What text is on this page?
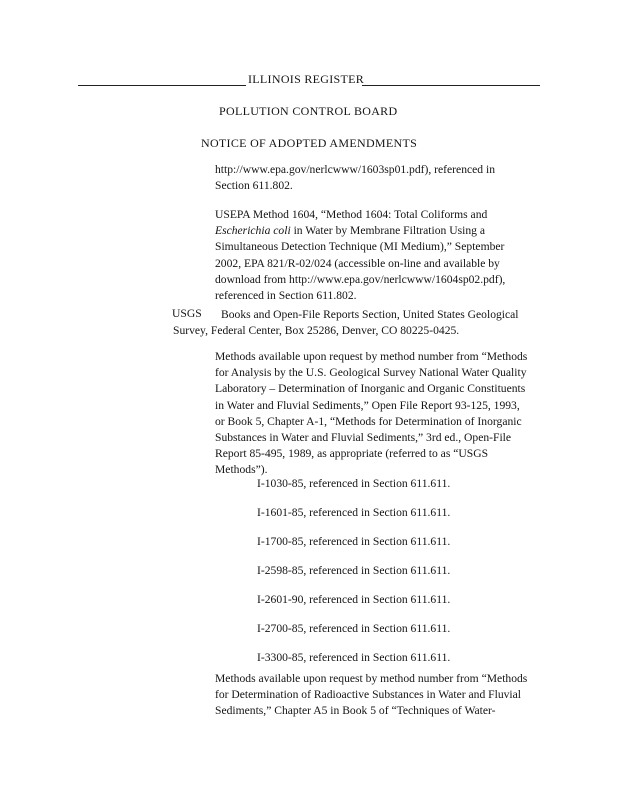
ILLINOIS REGISTER
POLLUTION CONTROL BOARD
NOTICE OF ADOPTED AMENDMENTS
http://www.epa.gov/nerlcwww/1603sp01.pdf), referenced in
Section 611.802.
USEPA Method 1604, “Method 1604: Total Coliforms and
Escherichia coli in Water by Membrane Filtration Using a
Simultaneous Detection Technique (MI Medium),” September
2002, EPA 821/R-02/024 (accessible on-line and available by
download from http://www.epa.gov/nerlcwww/1604sp02.pdf),
referenced in Section 611.802.
USGS	Books and Open-File Reports Section, United States Geological
Survey, Federal Center, Box 25286, Denver, CO 80225-0425.
Methods available upon request by method number from “Methods
for Analysis by the U.S. Geological Survey National Water Quality
Laboratory – Determination of Inorganic and Organic Constituents
in Water and Fluvial Sediments,” Open File Report 93-125, 1993,
or Book 5, Chapter A-1, “Methods for Determination of Inorganic
Substances in Water and Fluvial Sediments,” 3rd ed., Open-File
Report 85-495, 1989, as appropriate (referred to as “USGS
Methods”).
I-1030-85, referenced in Section 611.611.
I-1601-85, referenced in Section 611.611.
I-1700-85, referenced in Section 611.611.
I-2598-85, referenced in Section 611.611.
I-2601-90, referenced in Section 611.611.
I-2700-85, referenced in Section 611.611.
I-3300-85, referenced in Section 611.611.
Methods available upon request by method number from “Methods
for Determination of Radioactive Substances in Water and Fluvial
Sediments,” Chapter A5 in Book 5 of “Techniques of Water-
